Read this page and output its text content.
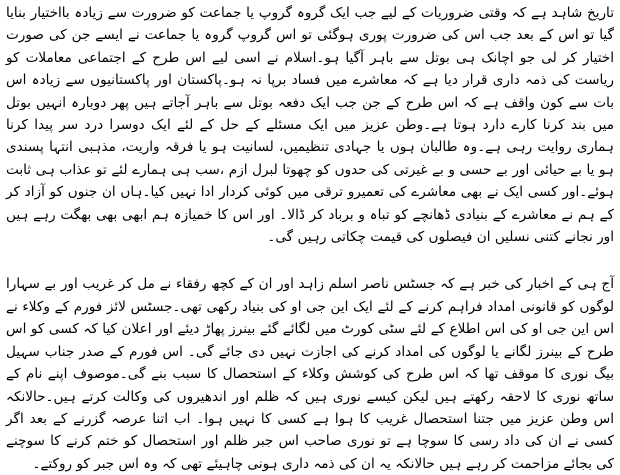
تاریخ شاہد ہے کہ وقتی ضروریات کے لیے جب ایک گروہ گروپ یا جماعت کو ضرورت سے زیادہ بااختیار بنایا گیا تو اس کے بعد جب اس کی ضرورت پوری ہوگئی تو اس گروپ گروہ یا جماعت نے ایسے جن کی صورت اختیار کر لی جو اچانک ہی بوتل سے باہر آگیا ہو۔اسلام نے اسی لیے اس طرح کے اجتماعی معاملات کو ریاست کی ذمہ داری قرار دیا ہے کہ معاشرے میں فساد برپا نہ ہو۔پاکستان اور پاکستانیوں سے زیادہ اس بات سے کون واقف ہے کہ اس طرح کے جن جب ایک دفعہ بوتل سے باہر آجاتے ہیں پھر دوبارہ انہیں بوتل میں بند کرنا کارے دارد ہوتا ہے۔وطن عزیز میں ایک مسئلے کے حل کے لئے ایک دوسرا درد سر پیدا کرنا ہماری روایت رہی ہے۔وہ طالبان ہوں یا جہادی تنظیمیں، لسانیت ہو یا فرقہ واریت، مذہبی انتہا پسندی ہو یا بے حیائی اور بے حسی و بے غیرتی کی حدوں کو چھوتا لبرل ازم ،سب ہی ہمارے لئے تو عذاب ہی ثابت ہوئے۔اور کسی ایک نے بھی معاشرے کی تعمیرو ترقی میں کوئی کردار ادا نہیں کیا۔ہاں ان جنوں کو آزاد کر کے ہم نے معاشرے کے بنیادی ڈھانچے کو تباہ و برباد کر ڈالا۔ اور اس کا خمیازہ ہم ابھی بھی بھگت رہے ہیں اور نجانے کتنی نسلیں ان فیصلوں کی قیمت چکاتی رہیں گی۔

آج ہی کے اخبار کی خبر ہے کہ جسٹس ناصر اسلم زاہد اور ان کے کچھ رفقاء نے مل کر غریب اور بے سہارا لوگوں کو قانونی امداد فراہم کرنے کے لئے ایک این جی او کی بنیاد رکھی تھی۔جسٹس لائز فورم کے وکلاء نے اس این جی او کی اس اطلاع کے لئے سٹی کورٹ میں لگائے گئے بینرز پھاڑ دیئے اور اعلان کیا کہ کسی کو اس طرح کے بینرز لگانے یا لوگوں کی امداد کرنے کی اجازت نہیں دی جائے گی۔ اس فورم کے صدر جناب سہیل بیگ نوری کا موقف تھا کہ اس طرح کی کوشش وکلاء کے استحصال کا سبب بنے گی۔موصوف اپنے نام کے ساتھ نوری کا لاحقہ رکھتے ہیں لیکن کیسے نوری ہیں کہ ظلم اور اندھیروں کی وکالت کرتے ہیں۔حالانکہ اس وطن عزیز میں جتنا استحصال غریب کا ہوا ہے کسی کا نہیں ہوا۔ اب اتنا عرصہ گزرنے کے بعد اگر کسی نے ان کی داد رسی کا سوچا ہے تو نوری صاحب اس جبر ظلم اور استحصال کو ختم کرنے کا سوچنے کی بجائے مزاحمت کر رہے ہیں حالانکہ یہ ان کی ذمہ داری ہونی چاہیئے تھی کہ وہ اس جبر کو روکتے۔
